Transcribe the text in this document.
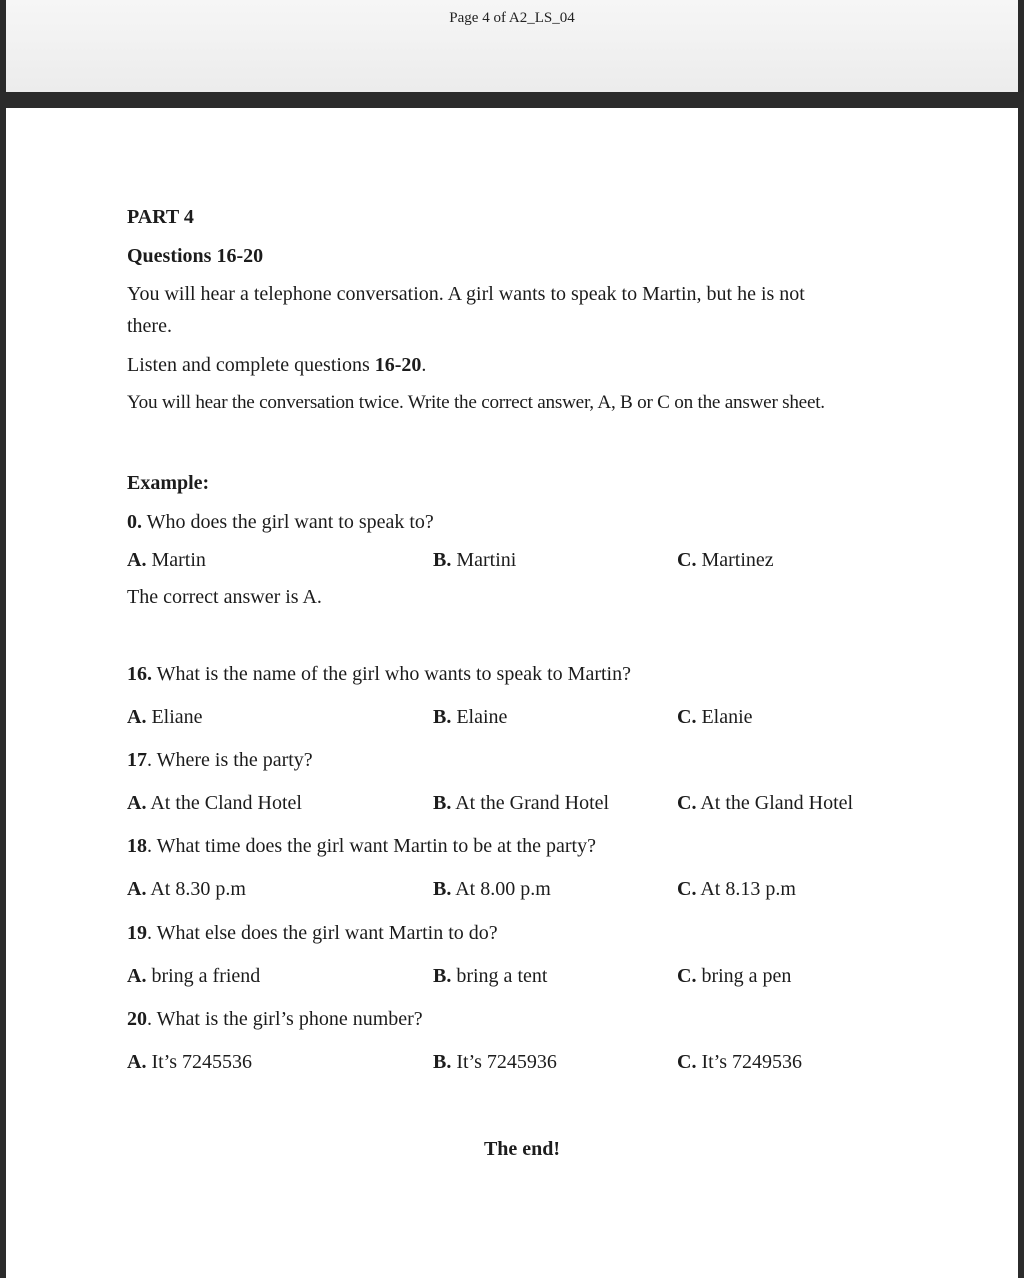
Page 4 of A2_LS_04
PART 4
Questions 16-20
You will hear a telephone conversation. A girl wants to speak to Martin, but he is not
there.
Listen and complete questions 16-20.
You will hear the conversation twice. Write the correct answer, A, B or C on the answer sheet.
Example:
0. Who does the girl want to speak to?
The correct answer is A.
A. Martin	B. Martini	C. Martinez
16. What is the name of the girl who wants to speak to Martin?
A. Eliane	B. Elaine	C. Elanie
17. Where is the party?
A. At the Cland Hotel	B. At the Grand Hotel	C. At the Gland Hotel
18. What time does the girl want Martin to be at the party?
A. At 8.30 p.m	B. At 8.00 p.m	C. At 8.13 p.m
19. What else does the girl want Martin to do?
A. bring a friend	B. bring a tent	C. bring a pen
20. What is the girl’s phone number?
A. It’s 7245536	B. It’s 7245936	C. It’s 7249536
The end!
